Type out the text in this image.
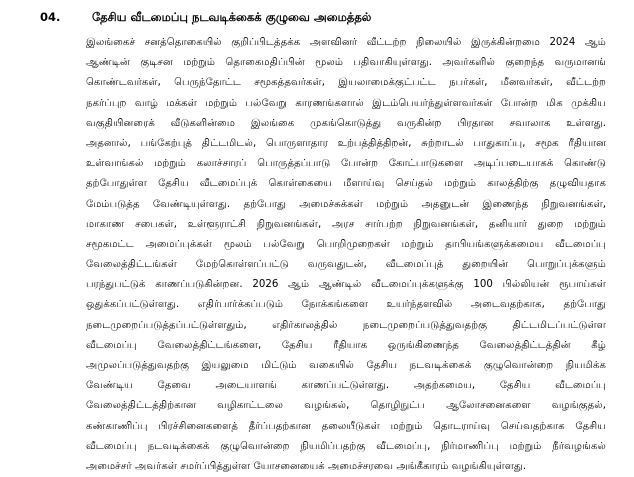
04.	தேசிய வீடமைப்பு நடவடிக்கைக் குழுவை அமைத்தல்
இலங்கைச் சனத்தொகையில் குறிப்பிடத்தக்க அளவினர் வீட்டற்ற நிலையில் இருக்கின்றமை 2024 ஆம்
ஆண்டின் குடிசன மற்றும் தொகைமதிப்பின் மூலம் பதிவாகியுள்ளது. அவர்களில் குறைந்த வருமானங்
கொண்டவர்கள், பெருந்தோட்ட சமூகத்தவர்கள், இயலாமைக்குட்பட்ட நபர்கள், மீனவர்கள், வீட்டற்ற
நகர்ப்புற வாழ் மக்கள் மற்றும் பல்வேறு காரணங்களால் இடம்பெயர்ந்துள்ளவர்கள் போன்ற மிக முக்கிய
வகுதியினரைக் வீடுகளின்மை இலங்கை முகங்கொடுத்து வருகின்ற பிரதான சவாலாக உள்ளது.
அதனால், பங்கேற்புத் திட்டமிடல், பொருளாதார உற்பத்தித்திறன், சுற்றாடல் பாதுகாப்பு, சமூக ரீதியான
உள்வாங்கல் மற்றும் கலாச்சாரப் பொருத்தப்பாடு போன்ற கோட்பாடுகளை அடிப்படையாகக் கொண்டு
தற்போதுள்ள தேசிய வீடமைப்புக் கொள்கையை மீளாய்வு செய்தல் மற்றும் காலத்திற்கு தழுவியதாக
மேம்படுத்த வேண்டியுள்ளது. தற்போது அமைச்சுக்கள் மற்றும் அதனுடன் இணைந்த நிறுவனங்கள்,
மாகாண சபைகள், உள்ளூராட்சி நிறுவனங்கள், அரச சார்பற்ற நிறுவனங்கள், தனியார் துறை மற்றும்
சமூகமட்ட அமைப்புக்கள் மூலம் பல்வேறு பொறிமுறைகள் மற்றும் தாபியங்களுக்கமைய வீடமைப்பு
வேலைத்திட்டங்கள் மேற்கொள்ளப்பட்டு வருவதுடன், வீடமைப்புத் துறையின் பொறுப்புக்களும்
பரந்துபட்டுக் காணப்படுகின்றன. 2026 ஆம் ஆண்டில் வீடமைப்புக்களுக்கு 100 பில்லியன் ரூபாய்கள்
ஒதுக்கப்பட்டுள்ளது. எதிர்பார்க்கப்படும் நோக்கங்களை உயர்ந்தளவில் அடைவதற்காக, தற்போது
நடைமுறைப்படுத்தப்பட்டுள்ளதும், எதிர்காலத்தில் நடைமுறைப்படுத்துவதற்கு திட்டமிடப்பட்டுள்ள
வீடமைப்பு வேலைத்திட்டங்களை, தேசிய ரீதியாக ஒருங்கிணைந்த வேலைத்திட்டத்தின் கீழ்
அமுலப்படுத்துவதற்கு இயலுமை மிட்டும் வகையில் தேசிய நடவடிக்கைக் குழுவொன்றை நியமிக்க
வேண்டிய தேவை அடையாளங் காணப்பட்டுள்ளது. அதற்கமைய, தேசிய வீடமைப்பு
வேலைத்திட்டத்திற்கான வழிகாட்டலை வழங்கல், தொழிநுட்ப ஆலோசனைகளை வழங்குதல்,
கண்காணிப்பு பிரச்சினைகளைத் தீர்ப்பதற்கான தலையீடுகள் மற்றும் தொடராய்வு செய்வதற்காக தேசிய
வீடமைப்பு நடவடிக்கைக் குழுவொன்றை நியமிப்பதற்கு வீடமைப்பு, நிர்மாணிப்பு மற்றும் நீர்வழங்கல்
அமைச்சர் அவர்கள் சமர்ப்பித்துள்ள யோசனையைக் அமைச்சரவை அங்கீகாரம் வழங்கியுள்ளது.
